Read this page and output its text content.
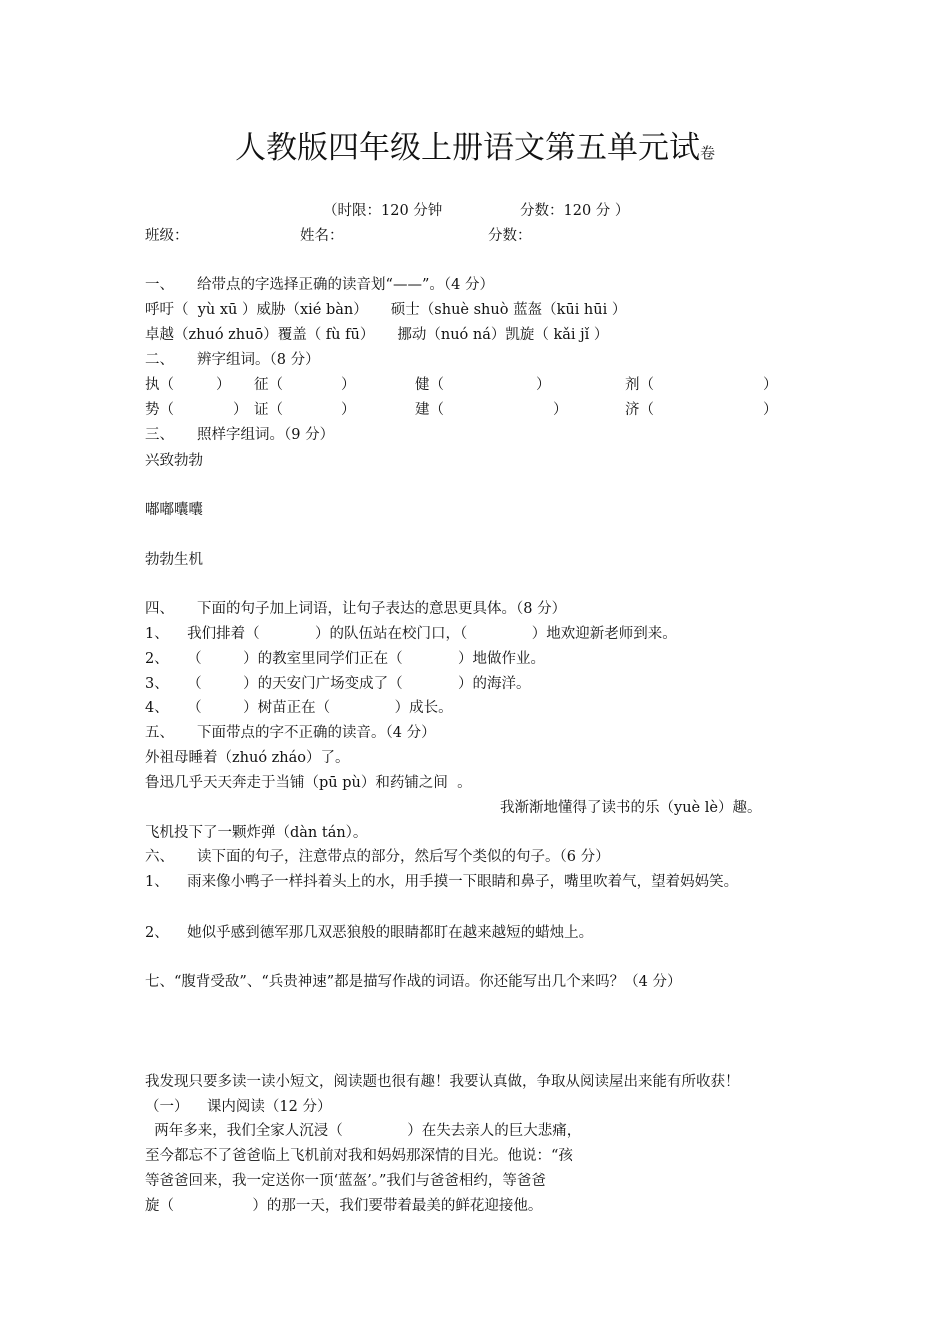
人教版四年级上册语文第五单元试卷
（时限：120 分钟	分数：120 分 ）
班级：	姓名：	分数：
一、     给带点的字选择正确的读音划“——”。（4 分）
呼吁（  yù xū ）威胁（xié bàn）     硕士（shuè shuò 蓝盔（kūi hūi ）
卓越（zhuó zhuō）覆盖（ fù fū）     挪动（nuó ná）凯旋（ kǎi jǐ ）
二、     辨字组词。（8 分）
执（	） 征（	）	健（	）	剂（	）
势（	） 证（	）	建（	）	济（	）
三、     照样字组词。（9 分）
兴致勃勃
嘟嘟囔囔
勃勃生机
四、     下面的句子加上词语，让句子表达的意思更具体。（8 分）
1、    我们排着（            ）的队伍站在校门口，（              ）地欢迎新老师到来。
2、    （         ）的教室里同学们正在（            ）地做作业。
3、    （         ）的天安门广场变成了（            ）的海洋。
4、    （         ）树苗正在（              ）成长。
五、     下面带点的字不正确的读音。（4 分）
外祖母睡着（zhuó zháo）了。
鲁迅几乎天天奔走于当铺（pū pù）和药铺之间  。
我渐渐地懂得了读书的乐（yuè lè）趣。
飞机投下了一颗炸弹（dàn tán）。
六、     读下面的句子，注意带点的部分，然后写个类似的句子。（6 分）
1、    雨来像小鸭子一样抖着头上的水，用手摸一下眼睛和鼻子，嘴里吹着气，望着妈妈笑。
2、    她似乎感到德军那几双恶狼般的眼睛都盯在越来越短的蜡烛上。
七、“腹背受敌”、“兵贵神速”都是描写作战的词语。你还能写出几个来吗？（4 分）
我发现只要多读一读小短文，阅读题也很有趣！我要认真做，争取从阅读屋出来能有所收获！
（一）    课内阅读（12 分）
两年多来，我们全家人沉浸（              ）在失去亲人的巨大悲痛，
至今都忘不了爸爸临上飞机前对我和妈妈那深情的目光。他说：“孩
等爸爸回来，我一定送你一顶‘蓝盔’。”我们与爸爸相约，等爸爸
旋（                 ）的那一天，我们要带着最美的鲜花迎接他。
